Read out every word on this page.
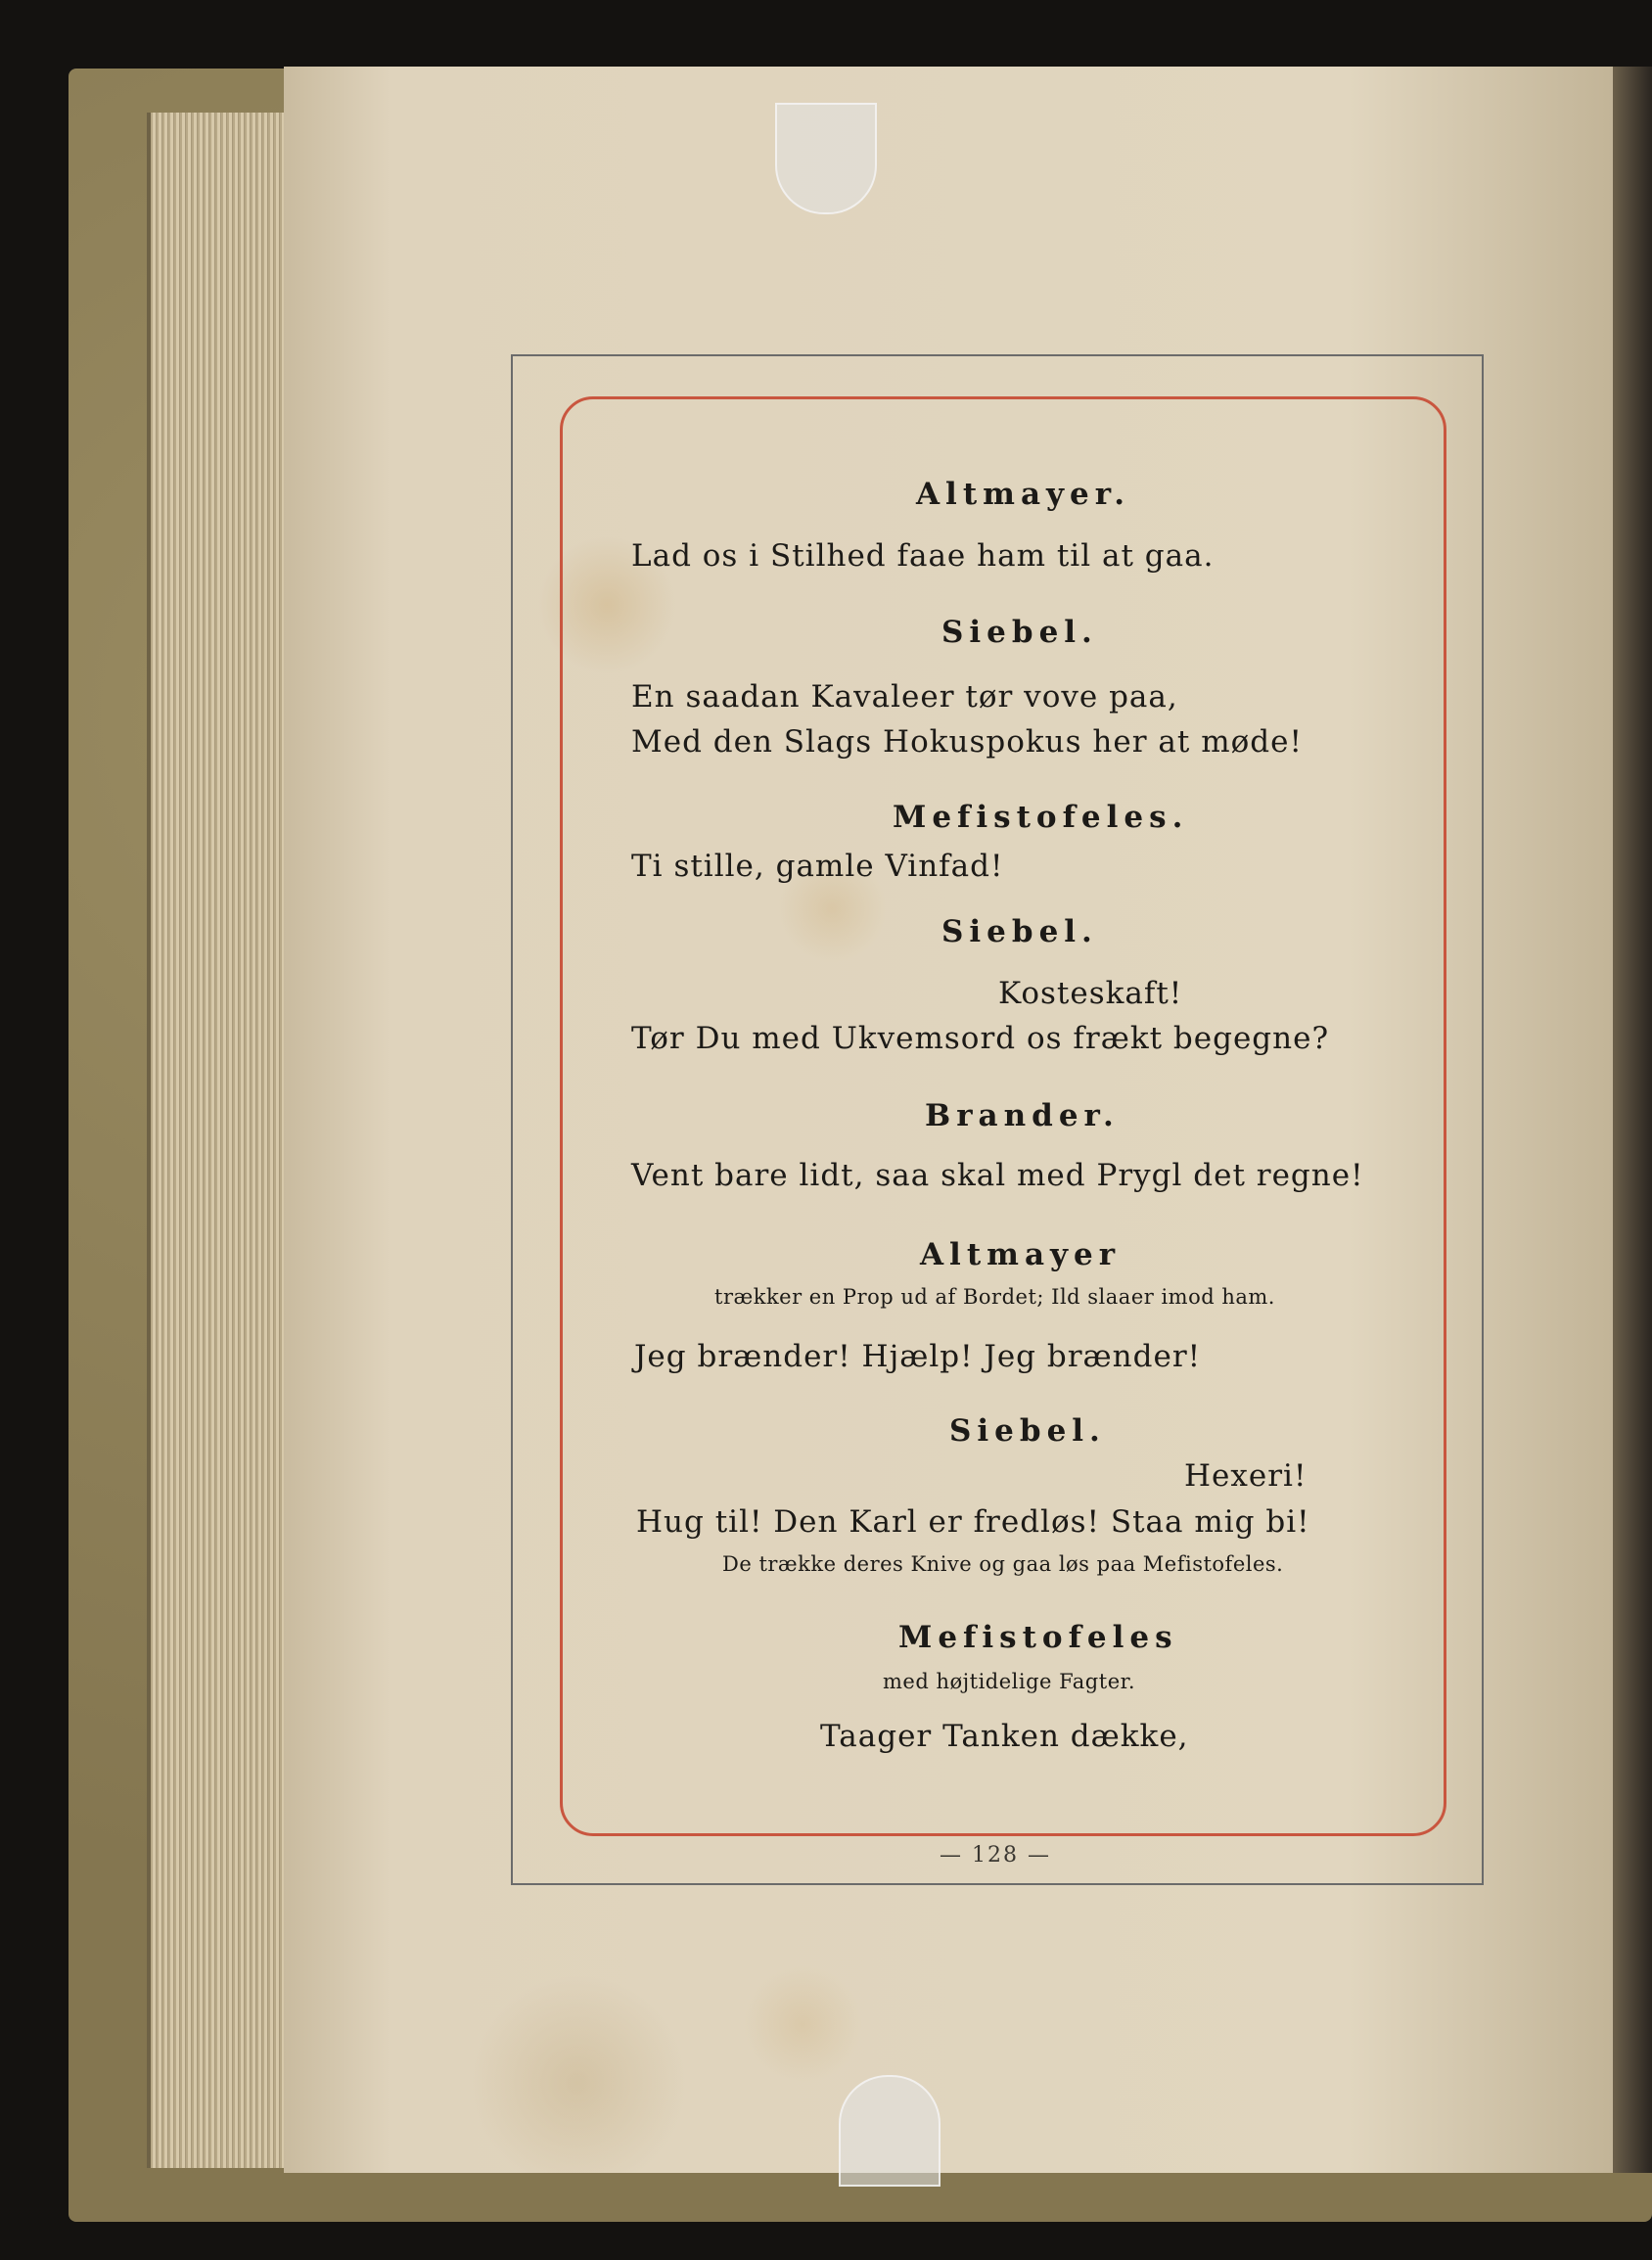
Altmayer.
Lad os i Stilhed faae ham til at gaa.
Siebel.
En saadan Kavaleer tør vove paa,
Med den Slags Hokuspokus her at møde!
Mefistofeles.
Ti stille, gamle Vinfad!
Siebel.
Kosteskaft!
Tør Du med Ukvemsord os frækt begegne?
Brander.
Vent bare lidt, saa skal med Prygl det regne!
Altmayer
trækker en Prop ud af Bordet; Ild slaaer imod ham.
Jeg brænder! Hjælp! Jeg brænder!
Siebel.
Hexeri!
Hug til! Den Karl er fredløs! Staa mig bi!
De trække deres Knive og gaa løs paa Mefistofeles.
Mefistofeles
med højtidelige Fagter.
Taager Tanken dække,
— 128 —
